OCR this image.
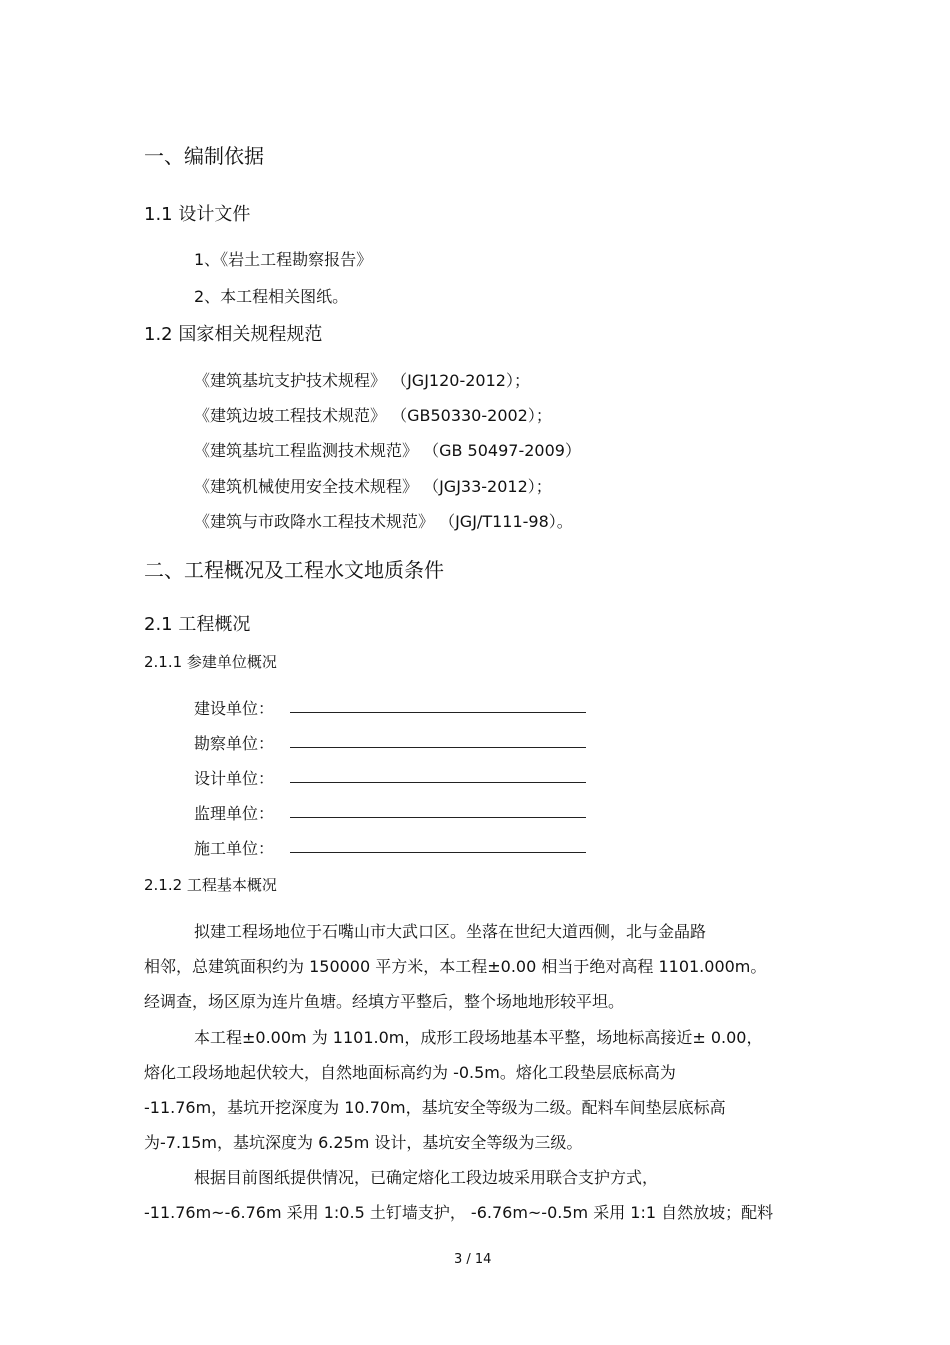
一、编制依据
1.1 设计文件
1、《岩土工程勘察报告》
2、本工程相关图纸。
1.2 国家相关规程规范
《建筑基坑支护技术规程》 （JGJ120-2012）；
《建筑边坡工程技术规范》 （GB50330-2002）；
《建筑基坑工程监测技术规范》 （GB 50497-2009）
《建筑机械使用安全技术规程》 （JGJ33-2012）；
《建筑与市政降水工程技术规范》 （JGJ/T111-98）。
二、工程概况及工程水文地质条件
2.1 工程概况
2.1.1 参建单位概况
建设单位：
勘察单位：
设计单位：
监理单位：
施工单位：
2.1.2 工程基本概况
拟建工程场地位于石嘴山市大武口区。坐落在世纪大道西侧，北与金晶路
相邻，总建筑面积约为 150000 平方米，本工程±0.00 相当于绝对高程 1101.000m。
经调查，场区原为连片鱼塘。经填方平整后，整个场地地形较平坦。
本工程±0.00m 为 1101.0m，成形工段场地基本平整，场地标高接近± 0.00，
熔化工段场地起伏较大，自然地面标高约为 -0.5m。熔化工段垫层底标高为
-11.76m，基坑开挖深度为 10.70m，基坑安全等级为二级。配料车间垫层底标高
为-7.15m，基坑深度为 6.25m 设计，基坑安全等级为三级。
根据目前图纸提供情况，已确定熔化工段边坡采用联合支护方式，
-11.76m~-6.76m 采用 1:0.5 土钉墙支护， -6.76m~-0.5m 采用 1:1 自然放坡；配料
3 / 14
